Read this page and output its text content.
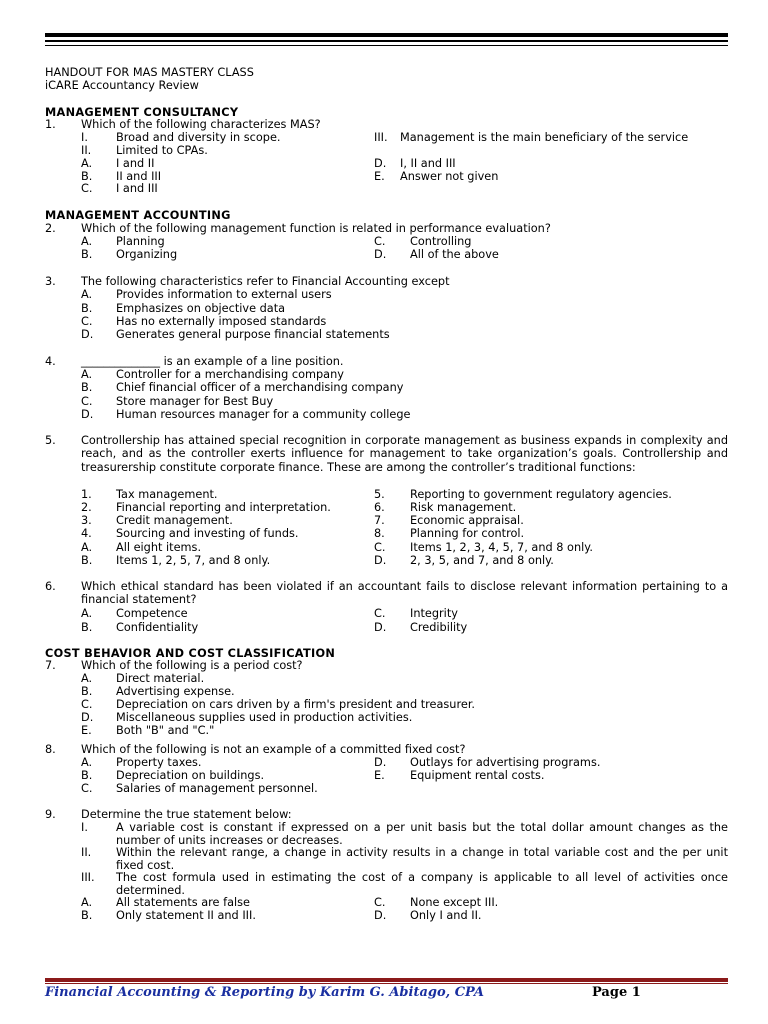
HANDOUT FOR MAS MASTERY CLASS
iCARE Accountancy Review
MANAGEMENT CONSULTANCY
1. Which of the following characterizes MAS?
I. Broad and diversity in scope.	III. Management is the main beneficiary of the service
II. Limited to CPAs.
A. I and II	D. I, II and III
B. II and III	E. Answer not given
C. I and III
MANAGEMENT ACCOUNTING
2. Which of the following management function is related in performance evaluation?
A. Planning	C. Controlling
B. Organizing	D. All of the above
3. The following characteristics refer to Financial Accounting except
A. Provides information to external users
B. Emphasizes on objective data
C. Has no externally imposed standards
D. Generates general purpose financial statements
4. ______________ is an example of a line position.
A. Controller for a merchandising company
B. Chief financial officer of a merchandising company
C. Store manager for Best Buy
D. Human resources manager for a community college
5. Controllership has attained special recognition in corporate management as business expands in complexity and reach, and as the controller exerts influence for management to take organization’s goals. Controllership and treasurership constitute corporate finance. These are among the controller’s traditional functions:
1. Tax management.	5. Reporting to government regulatory agencies.
2. Financial reporting and interpretation.	6. Risk management.
3. Credit management.	7. Economic appraisal.
4. Sourcing and investing of funds.	8. Planning for control.
A. All eight items.	C. Items 1, 2, 3, 4, 5, 7, and 8 only.
B. Items 1, 2, 5, 7, and 8 only.	D. 2, 3, 5, and 7, and 8 only.
6. Which ethical standard has been violated if an accountant fails to disclose relevant information pertaining to a financial statement?
A. Competence	C. Integrity
B. Confidentiality	D. Credibility
COST BEHAVIOR AND COST CLASSIFICATION
7. Which of the following is a period cost?
A. Direct material.
B. Advertising expense.
C. Depreciation on cars driven by a firm's president and treasurer.
D. Miscellaneous supplies used in production activities.
E. Both "B" and "C."
8. Which of the following is not an example of a committed fixed cost?
A. Property taxes.	D. Outlays for advertising programs.
B. Depreciation on buildings.	E. Equipment rental costs.
C. Salaries of management personnel.
9. Determine the true statement below:
I. A variable cost is constant if expressed on a per unit basis but the total dollar amount changes as the number of units increases or decreases.
II. Within the relevant range, a change in activity results in a change in total variable cost and the per unit fixed cost.
III. The cost formula used in estimating the cost of a company is applicable to all level of activities once determined.
A. All statements are false	C. None except III.
B. Only statement II and III.	D. Only I and II.
Financial Accounting & Reporting by Karim G. Abitago, CPA	Page 1
